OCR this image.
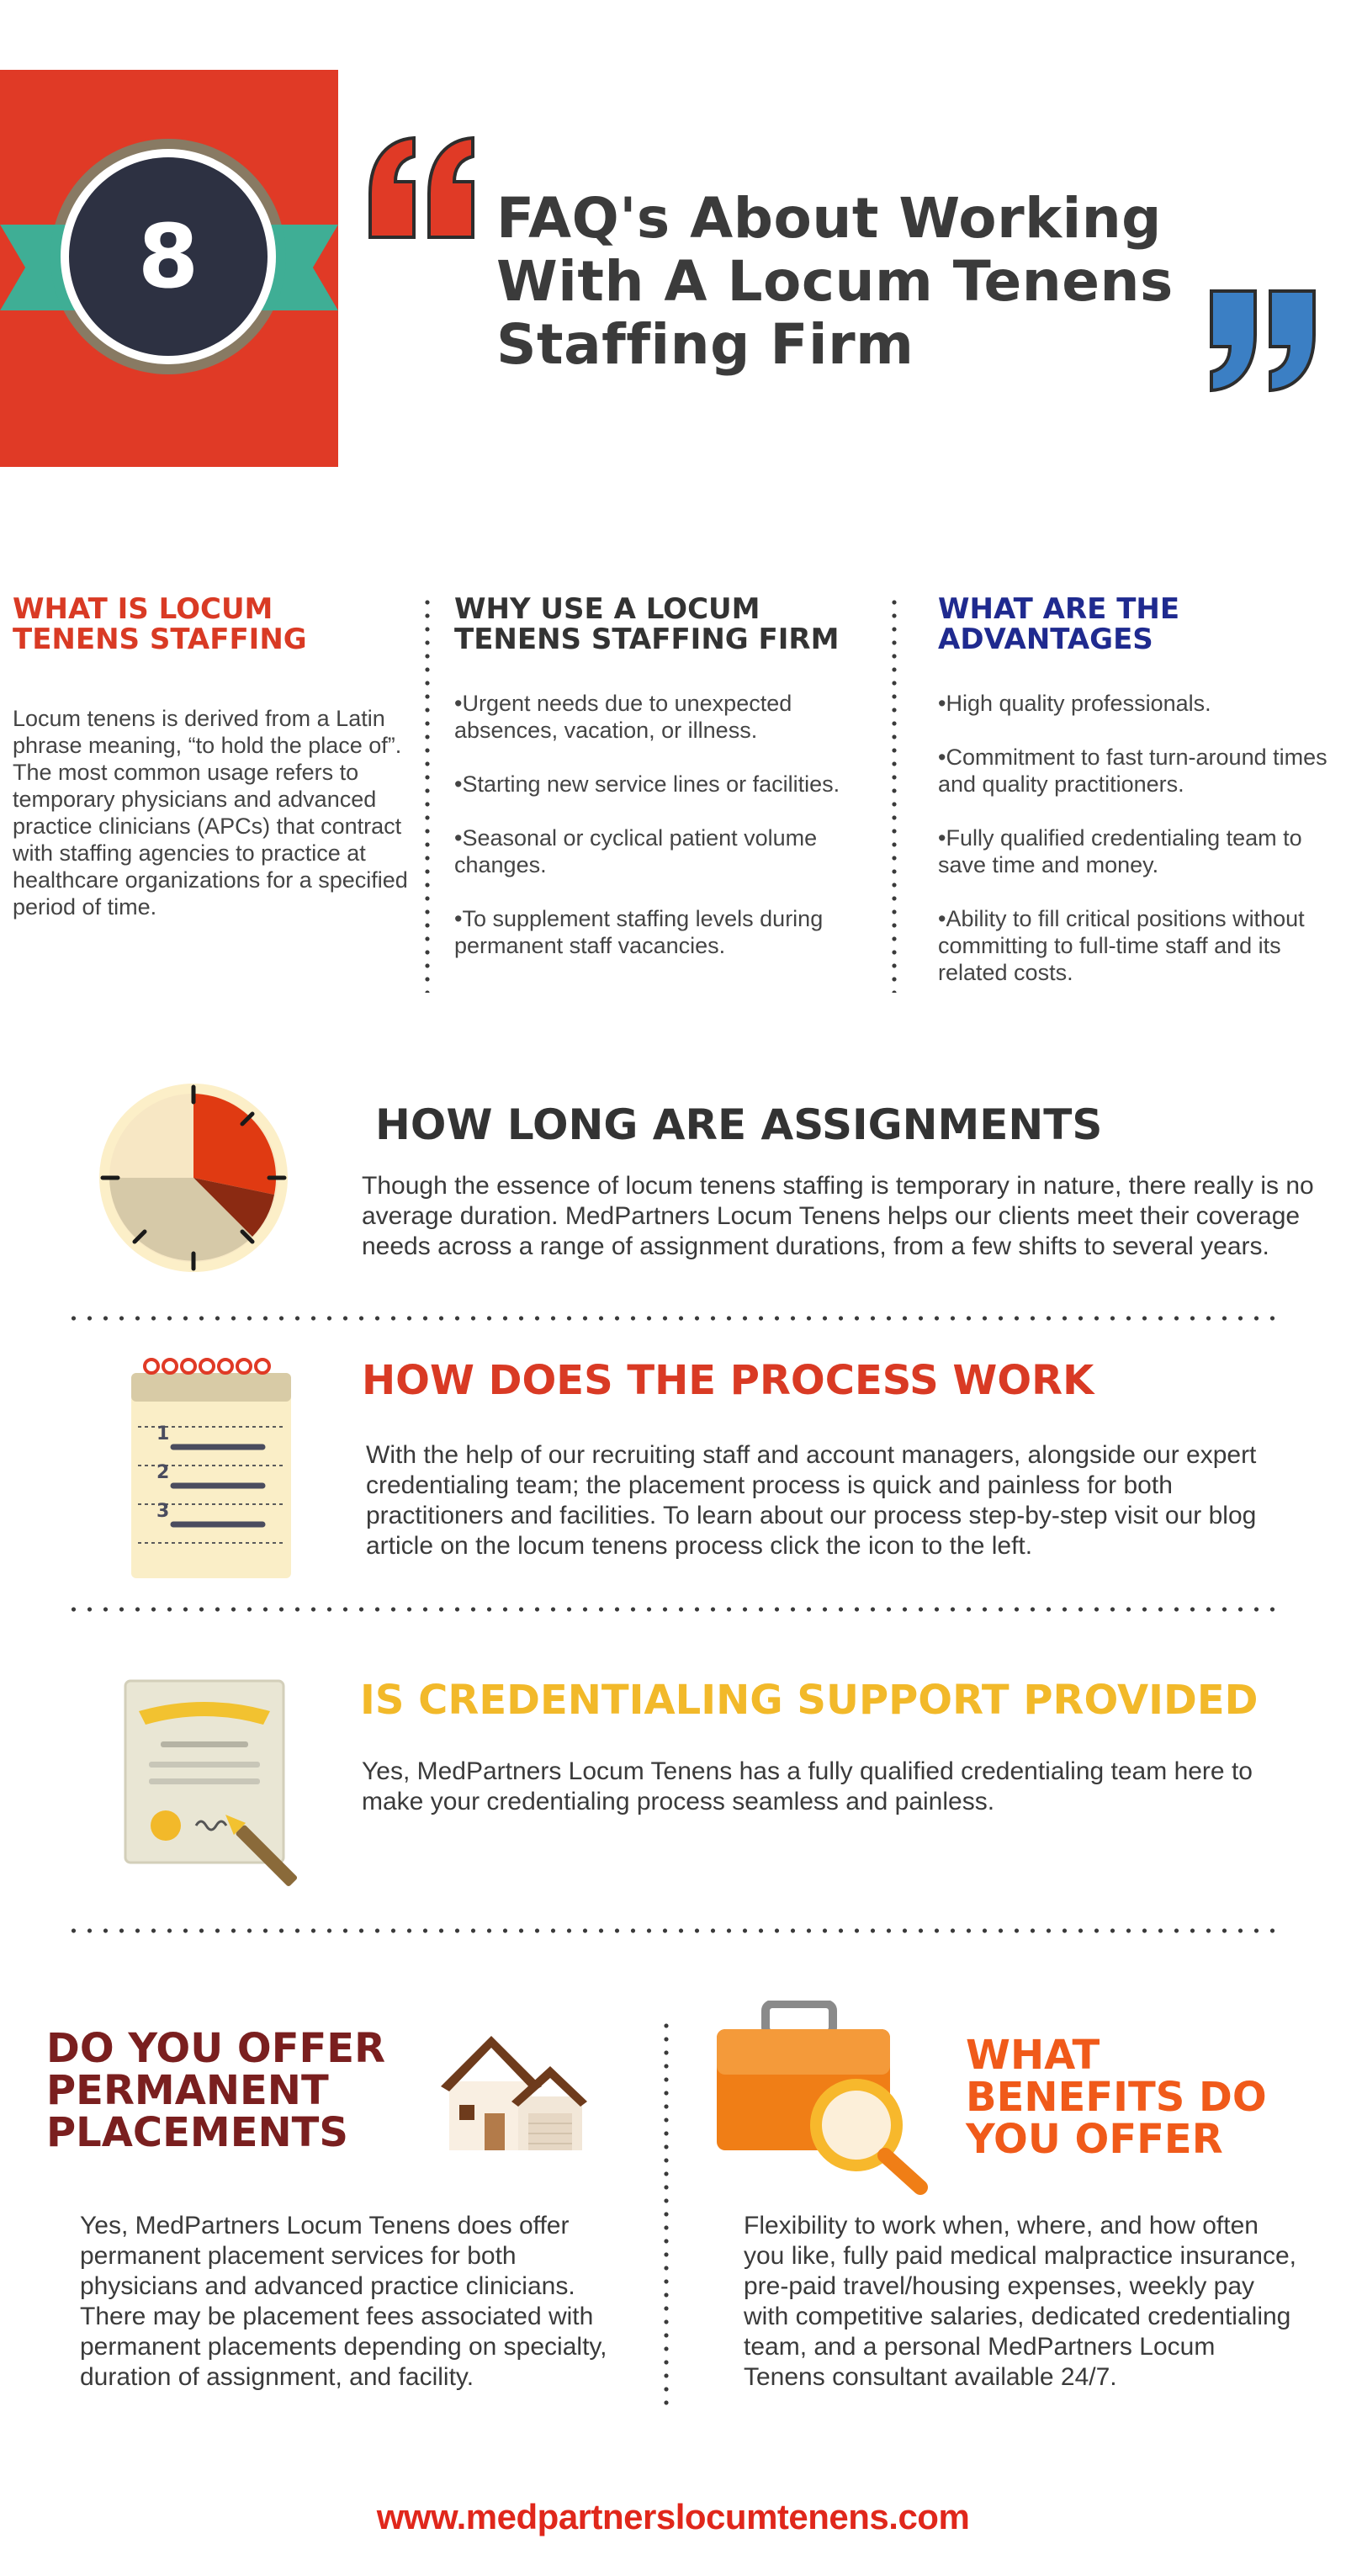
8	FAQ's About Working
With A Locum Tenens
Staffing Firm
WHAT IS LOCUM
TENENS STAFFING

Locum tenens is derived from a Latin phrase meaning, “to hold the place of”. The most common usage refers to temporary physicians and advanced practice clinicians (APCs) that contract with staffing agencies to practice at healthcare organizations for a specified period of time.

WHY USE A LOCUM
TENENS STAFFING FIRM

•Urgent needs due to unexpected absences, vacation, or illness.

•Starting new service lines or facilities.

•Seasonal or cyclical patient volume changes.

•To supplement staffing levels during permanent staff vacancies.

WHAT ARE THE
ADVANTAGES

•High quality professionals.

•Commitment to fast turn-around times and quality practitioners.

•Fully qualified credentialing team to save time and money.

•Ability to fill critical positions without committing to full-time staff and its related costs.

HOW LONG ARE ASSIGNMENTS
Though the essence of locum tenens staffing is temporary in nature, there really is no average duration. MedPartners Locum Tenens helps our clients meet their coverage needs across a range of assignment durations, from a few shifts to several years.
1
2
3
HOW DOES THE PROCESS WORK
With the help of our recruiting staff and account managers, alongside our expert credentialing team; the placement process is quick and painless for both practitioners and facilities. To learn about our process step-by-step visit our blog article on the locum tenens process click the icon to the left.
IS CREDENTIALING SUPPORT PROVIDED
Yes, MedPartners Locum Tenens has a fully qualified credentialing team here to make your credentialing process seamless and painless.
DO YOU OFFER
PERMANENT
PLACEMENTS
Yes, MedPartners Locum Tenens does offer permanent placement services for both physicians and advanced practice clinicians. There may be placement fees associated with permanent placements depending on specialty, duration of assignment, and facility.
WHAT
BENEFITS DO
YOU OFFER
Flexibility to work when, where, and how often you like, fully paid medical malpractice insurance, pre-paid travel/housing expenses, weekly pay with competitive salaries, dedicated credentialing team, and a personal MedPartners Locum Tenens consultant available 24/7.
www.medpartnerslocumtenens.com
